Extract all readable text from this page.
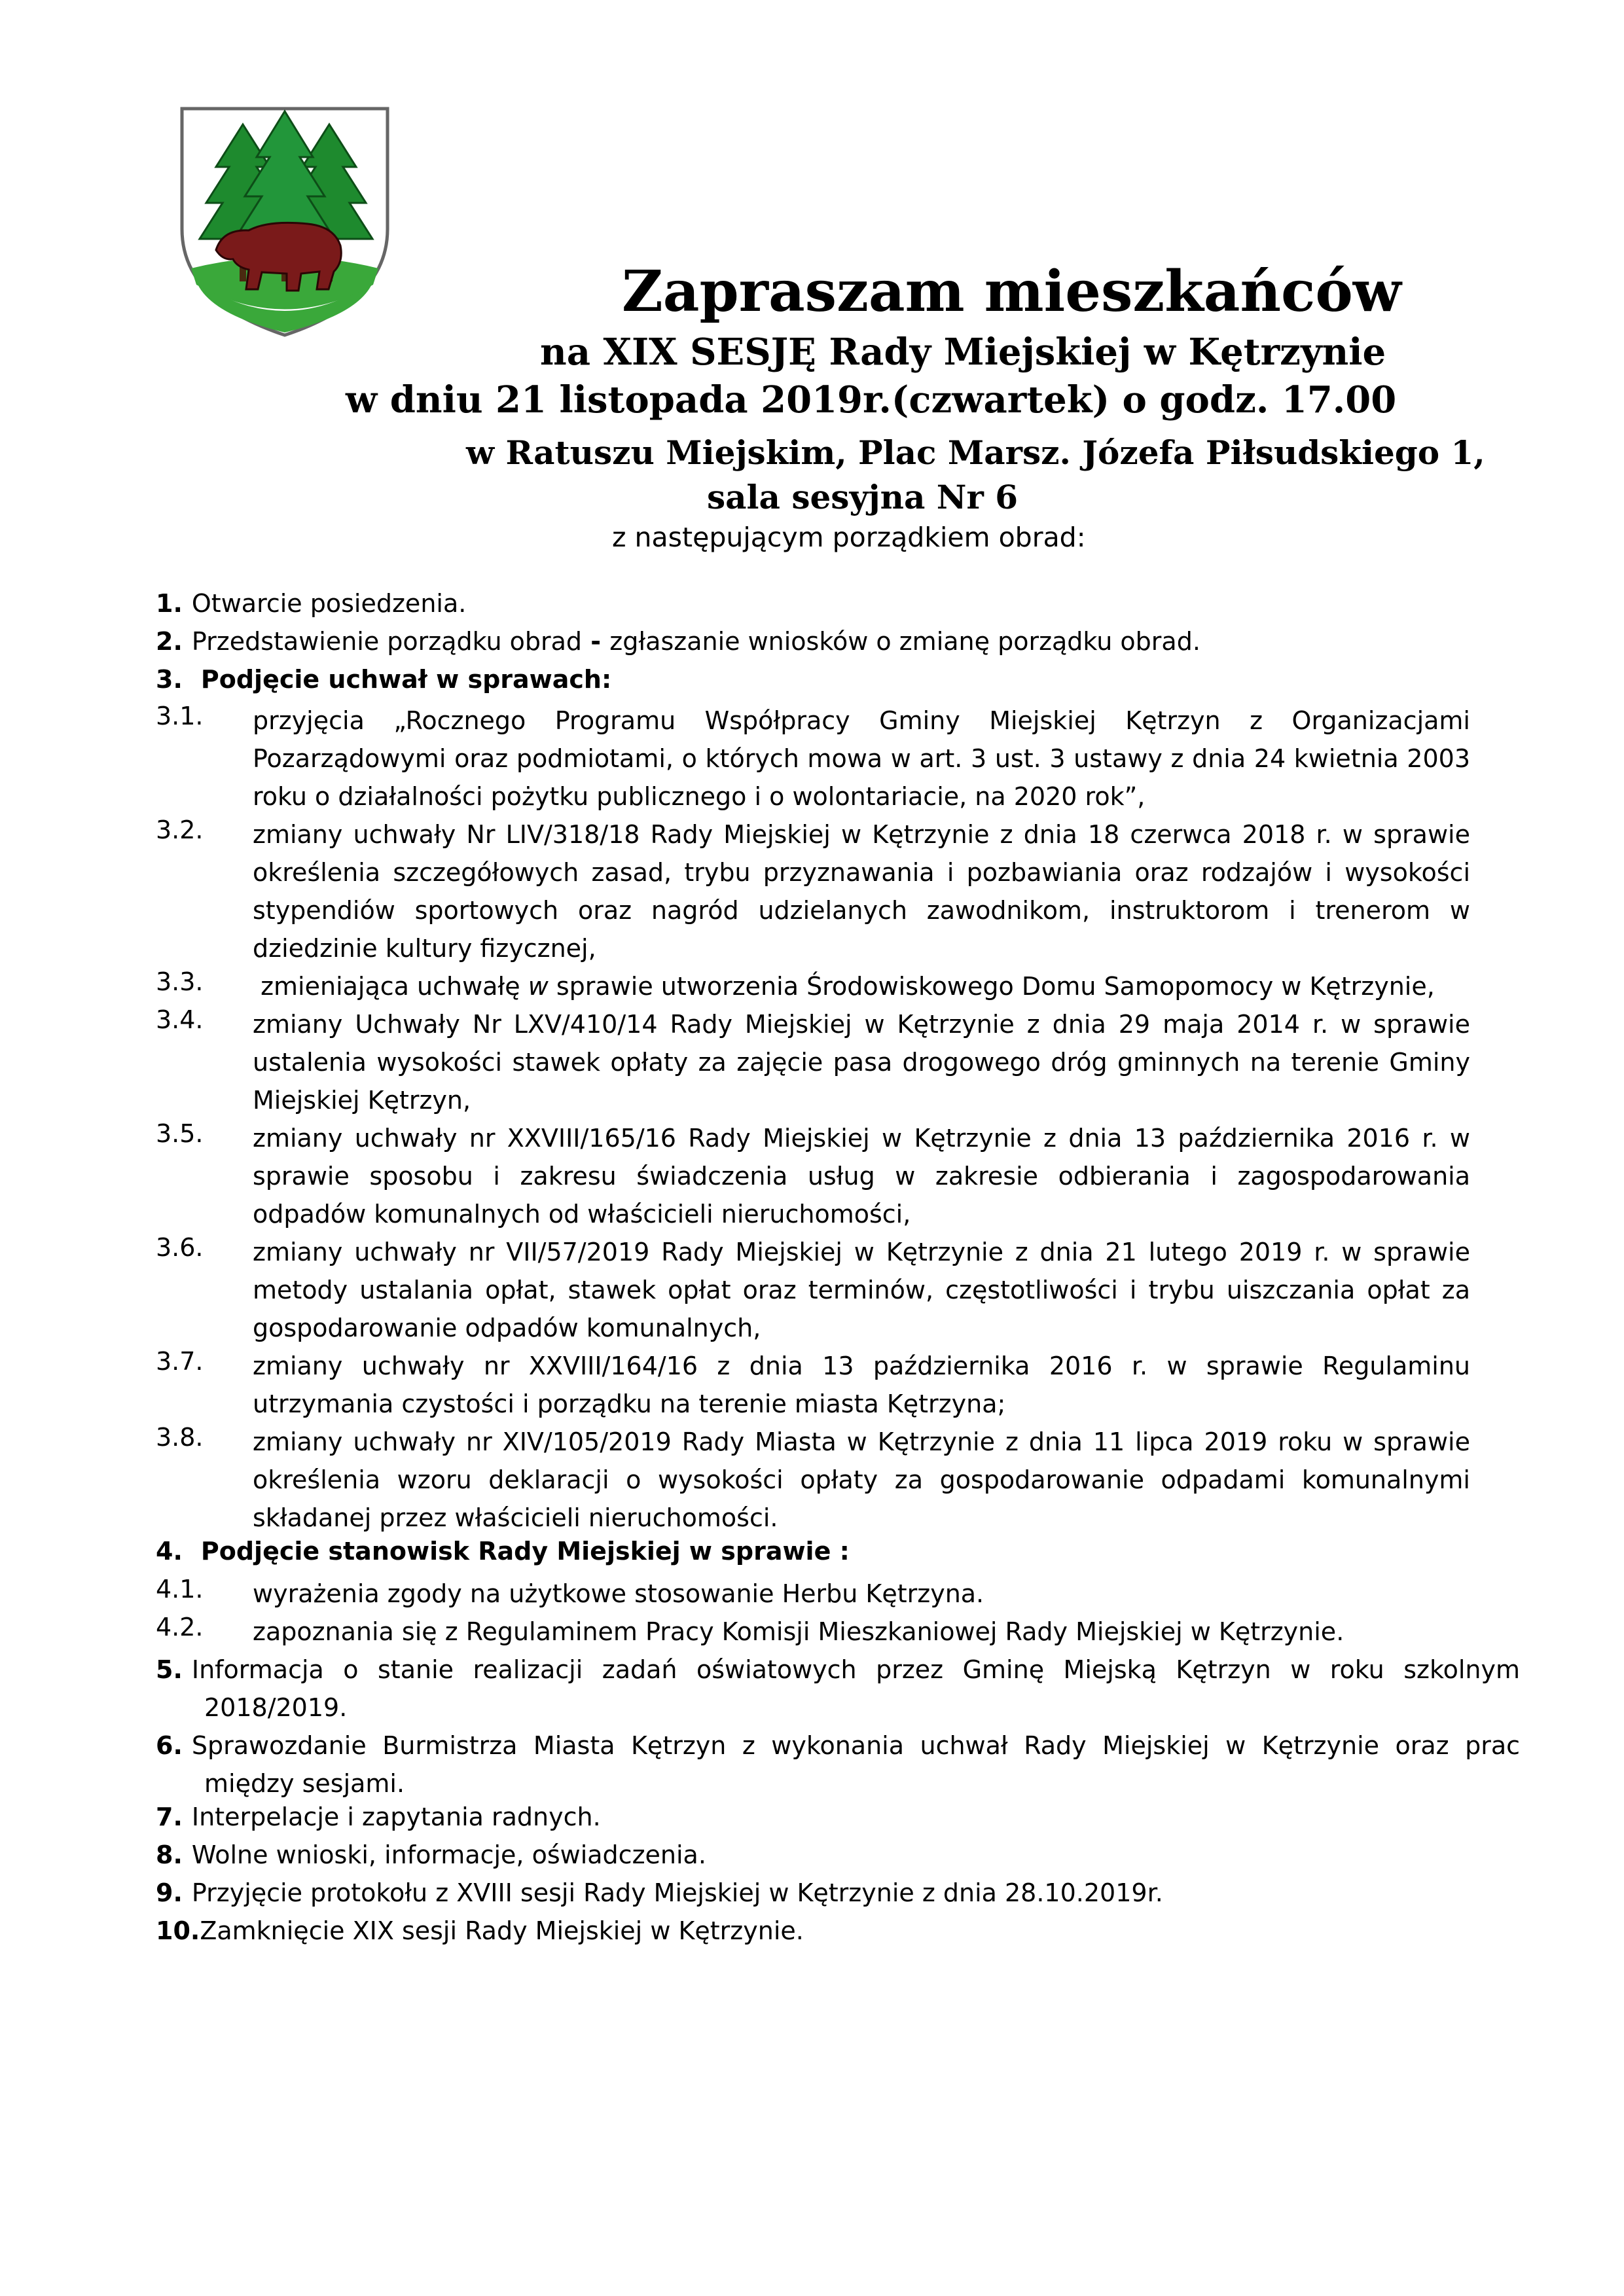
Zapraszam mieszkańców
na XIX SESJĘ Rady Miejskiej w Kętrzynie
w dniu 21 listopada 2019r.(czwartek) o godz. 17.00
w Ratuszu Miejskim, Plac Marsz. Józefa Piłsudskiego 1,
sala sesyjna Nr 6
z następującym porządkiem obrad:
1. Otwarcie posiedzenia.
2. Przedstawienie porządku obrad - zgłaszanie wniosków o zmianę porządku obrad.
3. Podjęcie uchwał w sprawach:
3.1. przyjęcia „Rocznego Programu Współpracy Gminy Miejskiej Kętrzyn z Organizacjami Pozarządowymi oraz podmiotami, o których mowa w art. 3 ust. 3 ustawy z dnia 24 kwietnia 2003 roku o działalności pożytku publicznego i o wolontariacie, na 2020 rok”,
3.2. zmiany uchwały Nr LIV/318/18 Rady Miejskiej w Kętrzynie z dnia 18 czerwca 2018 r. w sprawie określenia szczegółowych zasad, trybu przyznawania i pozbawiania oraz rodzajów i wysokości stypendiów sportowych oraz nagród udzielanych zawodnikom, instruktorom i trenerom w dziedzinie kultury fizycznej,
3.3. zmieniająca uchwałę w sprawie utworzenia Środowiskowego Domu Samopomocy w Kętrzynie,
3.4. zmiany Uchwały Nr LXV/410/14 Rady Miejskiej w Kętrzynie z dnia 29 maja 2014 r. w sprawie ustalenia wysokości stawek opłaty za zajęcie pasa drogowego dróg gminnych na terenie Gminy Miejskiej Kętrzyn,
3.5. zmiany uchwały nr XXVIII/165/16 Rady Miejskiej w Kętrzynie z dnia 13 października 2016 r. w sprawie sposobu i zakresu świadczenia usług w zakresie odbierania i zagospodarowania odpadów komunalnych od właścicieli nieruchomości,
3.6. zmiany uchwały nr VII/57/2019 Rady Miejskiej w Kętrzynie z dnia 21 lutego 2019 r. w sprawie metody ustalania opłat, stawek opłat oraz terminów, częstotliwości i trybu uiszczania opłat za gospodarowanie odpadów komunalnych,
3.7. zmiany uchwały nr XXVIII/164/16 z dnia 13 października 2016 r. w sprawie Regulaminu utrzymania czystości i porządku na terenie miasta Kętrzyna;
3.8. zmiany uchwały nr XIV/105/2019 Rady Miasta w Kętrzynie z dnia 11 lipca 2019 roku w sprawie określenia wzoru deklaracji o wysokości opłaty za gospodarowanie odpadami komunalnymi składanej przez właścicieli nieruchomości.
4. Podjęcie stanowisk Rady Miejskiej w sprawie :
4.1. wyrażenia zgody na użytkowe stosowanie Herbu Kętrzyna.
4.2. zapoznania się z Regulaminem Pracy Komisji Mieszkaniowej Rady Miejskiej w Kętrzynie.
5. Informacja o stanie realizacji zadań oświatowych przez Gminę Miejską Kętrzyn w roku szkolnym 2018/2019.
6. Sprawozdanie Burmistrza Miasta Kętrzyn z wykonania uchwał Rady Miejskiej w Kętrzynie oraz prac między sesjami.
7. Interpelacje i zapytania radnych.
8. Wolne wnioski, informacje, oświadczenia.
9. Przyjęcie protokołu z XVIII sesji Rady Miejskiej w Kętrzynie z dnia 28.10.2019r.
10.Zamknięcie XIX sesji Rady Miejskiej w Kętrzynie.
